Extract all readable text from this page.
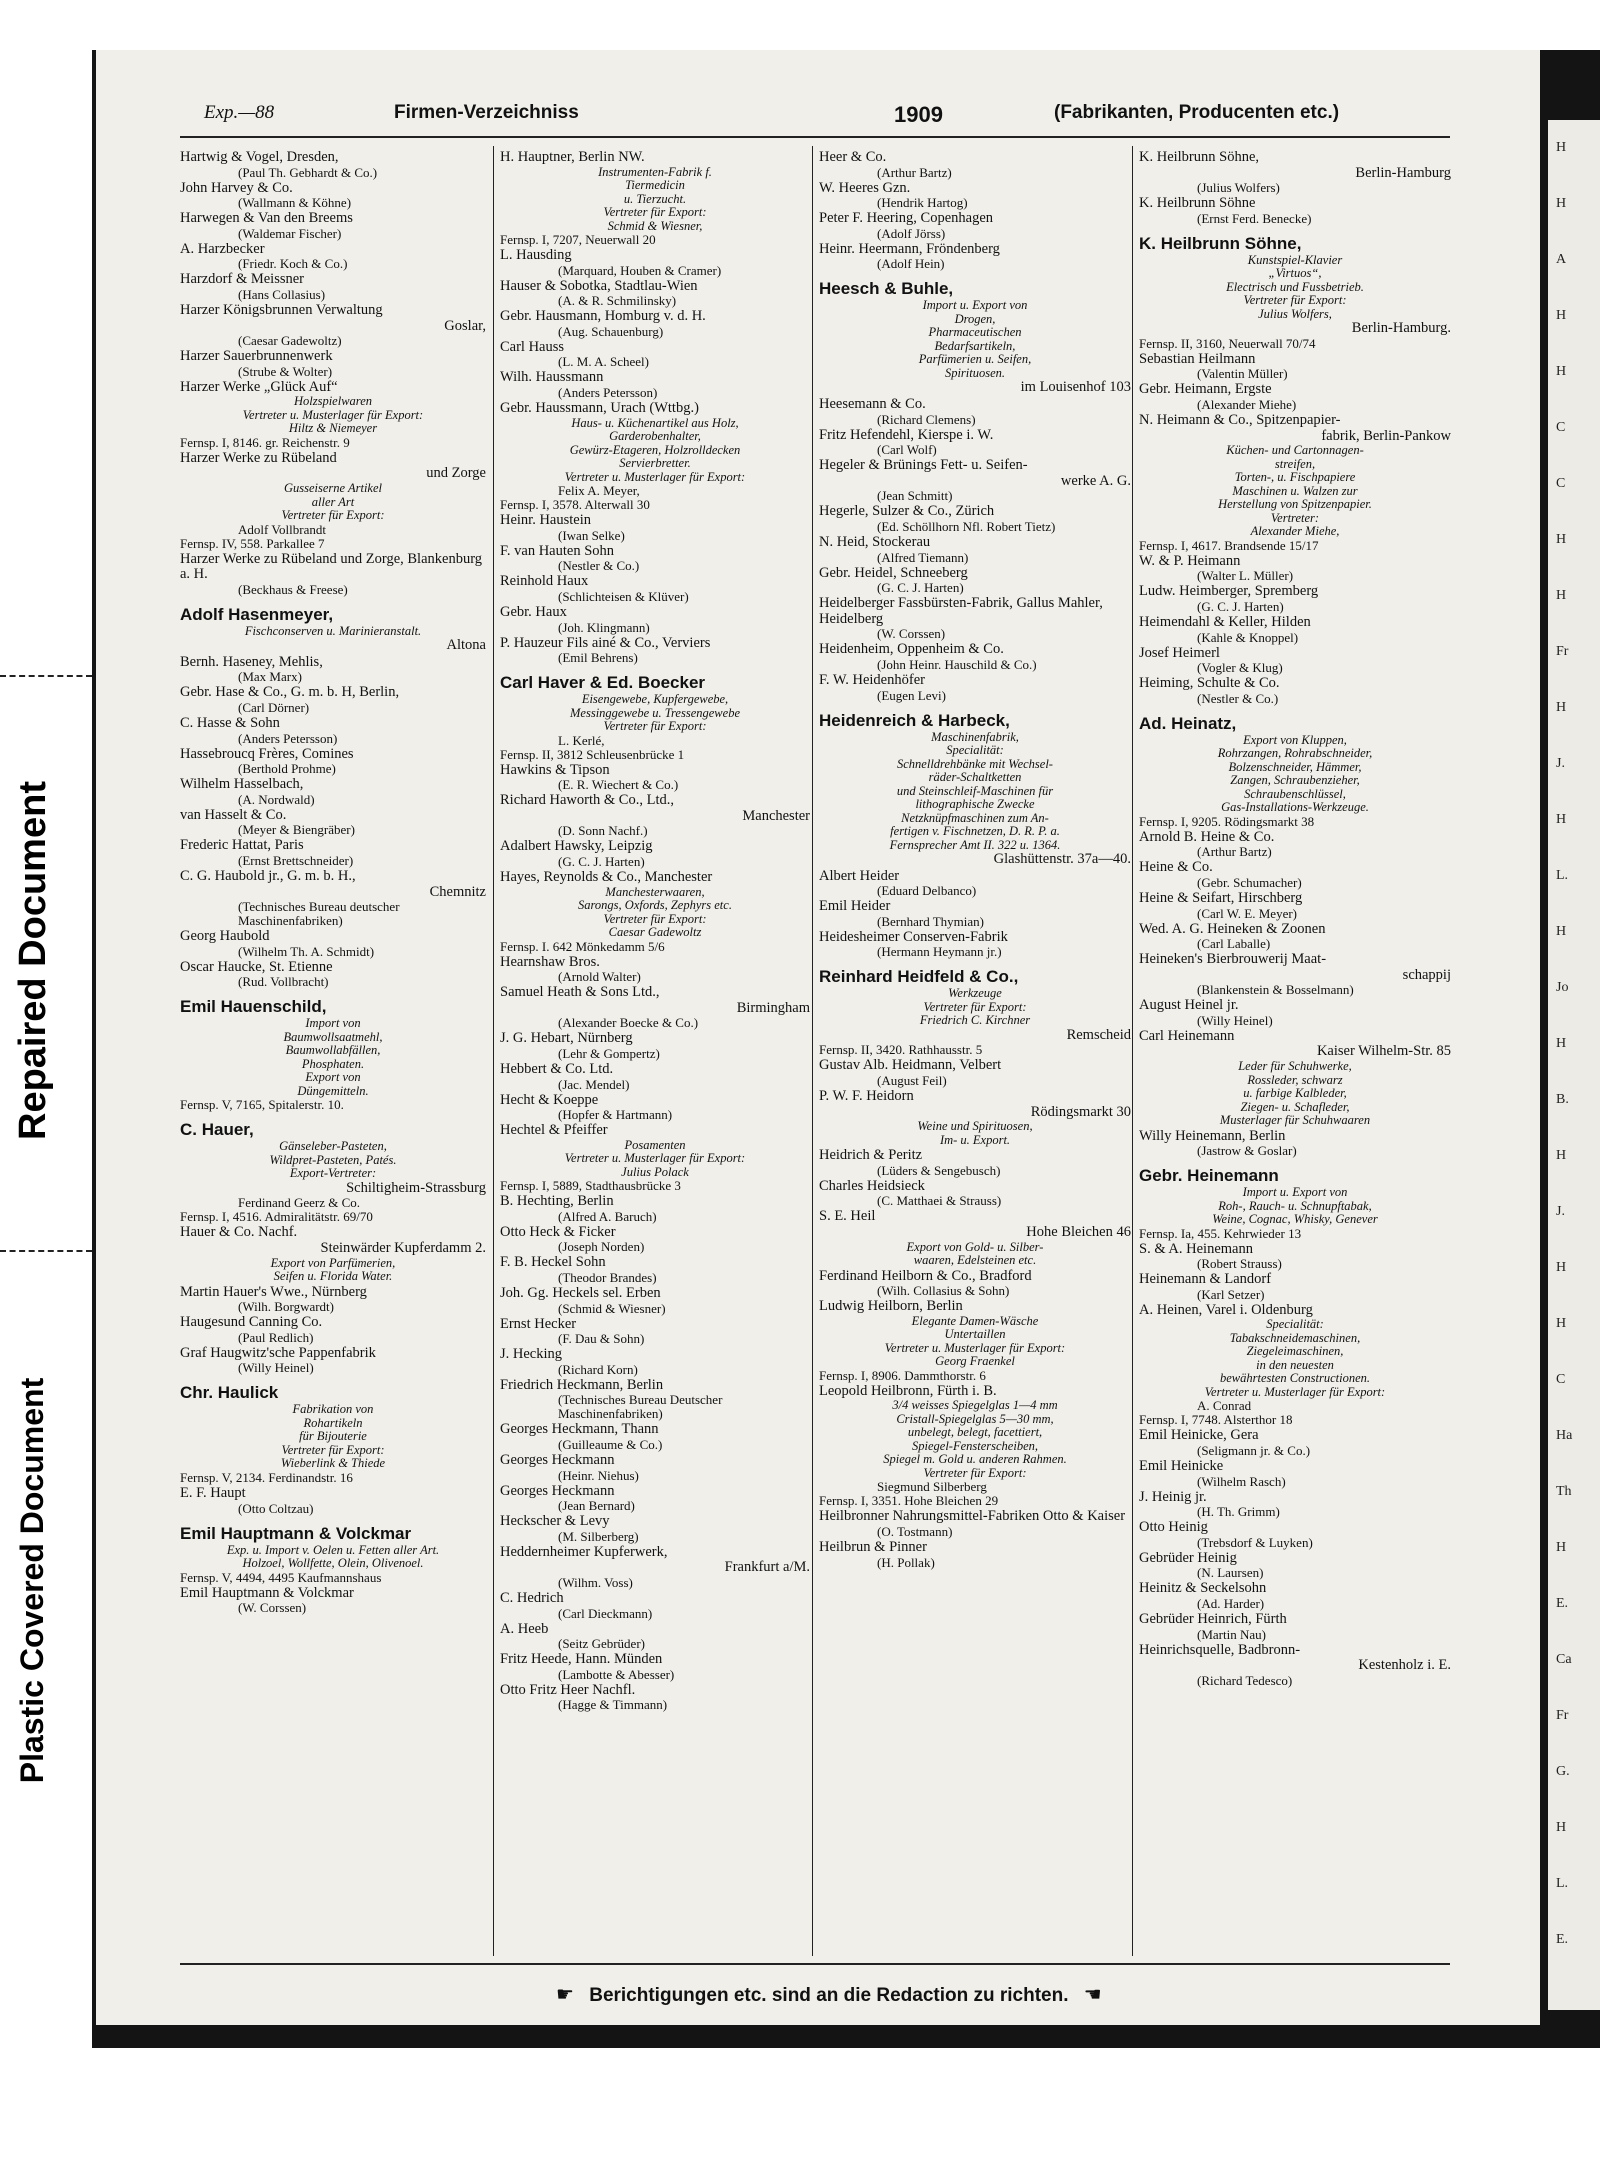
Repaired Document
Plastic Covered Document
Exp.—88	Firmen-Verzeichniss	1909	(Fabrikanten, Producenten etc.)
Hartwig & Vogel, Dresden,
(Paul Th. Gebhardt & Co.)
John Harvey & Co.
(Wallmann & Köhne)
Harwegen & Van den Breems
(Waldemar Fischer)
A. Harzbecker
(Friedr. Koch & Co.)
Harzdorf & Meissner
(Hans Collasius)
Harzer Königsbrunnen Verwaltung
Goslar,
(Caesar Gadewoltz)
Harzer Sauerbrunnenwerk
(Strube & Wolter)
Harzer Werke „Glück Auf“
Holzspielwaren
Vertreter u. Musterlager für Export:
Hiltz & Niemeyer
Fernsp. I, 8146. gr. Reichenstr. 9
Harzer Werke zu Rübeland
und Zorge
Gusseiserne Artikel
aller Art
Vertreter für Export:
Adolf Vollbrandt
Fernsp. IV, 558. Parkallee 7
Harzer Werke zu Rübeland und Zorge, Blankenburg a. H.
(Beckhaus & Freese)
Adolf Hasenmeyer,
Fischconserven u. Marinieranstalt.
Altona
Bernh. Haseney, Mehlis,
(Max Marx)
Gebr. Hase & Co., G. m. b. H, Berlin,
(Carl Dörner)
C. Hasse & Sohn
(Anders Petersson)
Hassebroucq Frères, Comines
(Berthold Prohme)
Wilhelm Hasselbach,
(A. Nordwald)
van Hasselt & Co.
(Meyer & Biengräber)
Frederic Hattat, Paris
(Ernst Brettschneider)
C. G. Haubold jr., G. m. b. H.,
Chemnitz
(Technisches Bureau deutscher Maschinenfabriken)
Georg Haubold
(Wilhelm Th. A. Schmidt)
Oscar Haucke, St. Etienne
(Rud. Vollbracht)
Emil Hauenschild,
Import von
Baumwollsaatmehl,
Baumwollabfällen,
Phosphaten.
Export von
Düngemitteln.
Fernsp. V, 7165, Spitalerstr. 10.
C. Hauer,
Gänseleber-Pasteten,
Wildpret-Pasteten, Patés.
Export-Vertreter:
Schiltigheim-Strassburg
Ferdinand Geerz & Co.
Fernsp. I, 4516. Admiralitätstr. 69/70
Hauer & Co. Nachf.
Steinwärder Kupferdamm 2.
Export von Parfümerien,
Seifen u. Florida Water.
Martin Hauer's Wwe., Nürnberg
(Wilh. Borgwardt)
Haugesund Canning Co.
(Paul Redlich)
Graf Haugwitz'sche Pappenfabrik
(Willy Heinel)
Chr. Haulick
Fabrikation von
Rohartikeln
für Bijouterie
Vertreter für Export:
Wieberlink & Thiede
Fernsp. V, 2134. Ferdinandstr. 16
E. F. Haupt
(Otto Coltzau)
Emil Hauptmann & Volckmar
Exp. u. Import v. Oelen u. Fetten aller Art.
Holzoel, Wollfette, Olein, Olivenoel.
Fernsp. V, 4494, 4495 Kaufmannshaus
Emil Hauptmann & Volckmar
(W. Corssen)
H. Hauptner, Berlin NW.
Instrumenten-Fabrik f.
Tiermedicin
u. Tierzucht.
Vertreter für Export:
Schmid & Wiesner,
Fernsp. I, 7207, Neuerwall 20
L. Hausding
(Marquard, Houben & Cramer)
Hauser & Sobotka, Stadtlau-Wien
(A. & R. Schmilinsky)
Gebr. Hausmann, Homburg v. d. H.
(Aug. Schauenburg)
Carl Hauss
(L. M. A. Scheel)
Wilh. Haussmann
(Anders Petersson)
Gebr. Haussmann, Urach (Wttbg.)
Haus- u. Küchenartikel aus Holz,
Garderobenhalter,
Gewürz-Etageren, Holzrolldecken
Servierbretter.
Vertreter u. Musterlager für Export:
Felix A. Meyer,
Fernsp. I, 3578. Alterwall 30
Heinr. Haustein
(Iwan Selke)
F. van Hauten Sohn
(Nestler & Co.)
Reinhold Haux
(Schlichteisen & Klüver)
Gebr. Haux
(Joh. Klingmann)
P. Hauzeur Fils ainé & Co., Verviers
(Emil Behrens)
Carl Haver & Ed. Boecker
Eisengewebe, Kupfergewebe,
Messinggewebe u. Tressengewebe
Vertreter für Export:
L. Kerlé,
Fernsp. II, 3812 Schleusenbrücke 1
Hawkins & Tipson
(E. R. Wiechert & Co.)
Richard Haworth & Co., Ltd.,
Manchester
(D. Sonn Nachf.)
Adalbert Hawsky, Leipzig
(G. C. J. Harten)
Hayes, Reynolds & Co., Manchester
Manchesterwaaren,
Sarongs, Oxfords, Zephyrs etc.
Vertreter für Export:
Caesar Gadewoltz
Fernsp. I. 642 Mönkedamm 5/6
Hearnshaw Bros.
(Arnold Walter)
Samuel Heath & Sons Ltd.,
Birmingham
(Alexander Boecke & Co.)
J. G. Hebart, Nürnberg
(Lehr & Gompertz)
Hebbert & Co. Ltd.
(Jac. Mendel)
Hecht & Koeppe
(Hopfer & Hartmann)
Hechtel & Pfeiffer
Posamenten
Vertreter u. Musterlager für Export:
Julius Polack
Fernsp. I, 5889, Stadthausbrücke 3
B. Hechting, Berlin
(Alfred A. Baruch)
Otto Heck & Ficker
(Joseph Norden)
F. B. Heckel Sohn
(Theodor Brandes)
Joh. Gg. Heckels sel. Erben
(Schmid & Wiesner)
Ernst Hecker
(F. Dau & Sohn)
J. Hecking
(Richard Korn)
Friedrich Heckmann, Berlin
(Technisches Bureau Deutscher Maschinenfabriken)
Georges Heckmann, Thann
(Guilleaume & Co.)
Georges Heckmann
(Heinr. Niehus)
Georges Heckmann
(Jean Bernard)
Heckscher & Levy
(M. Silberberg)
Heddernheimer Kupferwerk,
Frankfurt a/M.
(Wilhm. Voss)
C. Hedrich
(Carl Dieckmann)
A. Heeb
(Seitz Gebrüder)
Fritz Heede, Hann. Münden
(Lambotte & Abesser)
Otto Fritz Heer Nachfl.
(Hagge & Timmann)
Heer & Co.
(Arthur Bartz)
W. Heeres Gzn.
(Hendrik Hartog)
Peter F. Heering, Copenhagen
(Adolf Jörss)
Heinr. Heermann, Fröndenberg
(Adolf Hein)
Heesch & Buhle,
Import u. Export von
Drogen,
Pharmaceutischen
Bedarfsartikeln,
Parfümerien u. Seifen,
Spirituosen.
im Louisenhof 103
Heesemann & Co.
(Richard Clemens)
Fritz Hefendehl, Kierspe i. W.
(Carl Wolf)
Hegeler & Brünings Fett- u. Seifen-
werke A. G.
(Jean Schmitt)
Hegerle, Sulzer & Co., Zürich
(Ed. Schöllhorn Nfl. Robert Tietz)
N. Heid, Stockerau
(Alfred Tiemann)
Gebr. Heidel, Schneeberg
(G. C. J. Harten)
Heidelberger Fassbürsten-Fabrik, Gallus Mahler, Heidelberg
(W. Corssen)
Heidenheim, Oppenheim & Co.
(John Heinr. Hauschild & Co.)
F. W. Heidenhöfer
(Eugen Levi)
Heidenreich & Harbeck,
Maschinenfabrik,
Specialität:
Schnelldrehbänke mit Wechsel-
räder-Schaltketten
und Steinschleif-Maschinen für
lithographische Zwecke
Netzknüpfmaschinen zum An-
fertigen v. Fischnetzen, D. R. P. a.
Fernsprecher Amt II. 322 u. 1364.
Glashüttenstr. 37a—40.
Albert Heider
(Eduard Delbanco)
Emil Heider
(Bernhard Thymian)
Heidesheimer Conserven-Fabrik
(Hermann Heymann jr.)
Reinhard Heidfeld & Co.,
Werkzeuge
Vertreter für Export:
Friedrich C. Kirchner
Remscheid
Fernsp. II, 3420. Rathhausstr. 5
Gustav Alb. Heidmann, Velbert
(August Feil)
P. W. F. Heidorn
Rödingsmarkt 30
Weine und Spirituosen,
Im- u. Export.
Heidrich & Peritz
(Lüders & Sengebusch)
Charles Heidsieck
(C. Matthaei & Strauss)
S. E. Heil
Hohe Bleichen 46
Export von Gold- u. Silber-
waaren, Edelsteinen etc.
Ferdinand Heilborn & Co., Bradford
(Wilh. Collasius & Sohn)
Ludwig Heilborn, Berlin
Elegante Damen-Wäsche
Untertaillen
Vertreter u. Musterlager für Export:
Georg Fraenkel
Fernsp. I, 8906. Dammthorstr. 6
Leopold Heilbronn, Fürth i. B.
3/4 weisses Spiegelglas 1—4 mm
Cristall-Spiegelglas 5—30 mm,
unbelegt, belegt, facettiert,
Spiegel-Fensterscheiben,
Spiegel m. Gold u. anderen Rahmen.
Vertreter für Export:
Siegmund Silberberg
Fernsp. I, 3351. Hohe Bleichen 29
Heilbronner Nahrungsmittel-Fabriken Otto & Kaiser
(O. Tostmann)
Heilbrun & Pinner
(H. Pollak)
K. Heilbrunn Söhne,
Berlin-Hamburg
(Julius Wolfers)
K. Heilbrunn Söhne
(Ernst Ferd. Benecke)
K. Heilbrunn Söhne,
Kunstspiel-Klavier
„Virtuos“,
Electrisch und Fussbetrieb.
Vertreter für Export:
Julius Wolfers,
Berlin-Hamburg.
Fernsp. II, 3160, Neuerwall 70/74
Sebastian Heilmann
(Valentin Müller)
Gebr. Heimann, Ergste
(Alexander Miehe)
N. Heimann & Co., Spitzenpapier-
fabrik, Berlin-Pankow
Küchen- und Cartonnagen-
streifen,
Torten-, u. Fischpapiere
Maschinen u. Walzen zur
Herstellung von Spitzenpapier.
Vertreter:
Alexander Miehe,
Fernsp. I, 4617. Brandsende 15/17
W. & P. Heimann
(Walter L. Müller)
Ludw. Heimberger, Spremberg
(G. C. J. Harten)
Heimendahl & Keller, Hilden
(Kahle & Knoppel)
Josef Heimerl
(Vogler & Klug)
Heiming, Schulte & Co.
(Nestler & Co.)
Ad. Heinatz,
Export von Kluppen,
Rohrzangen, Rohrabschneider,
Bolzenschneider, Hämmer,
Zangen, Schraubenzieher,
Schraubenschlüssel,
Gas-Installations-Werkzeuge.
Fernsp. I, 9205. Rödingsmarkt 38
Arnold B. Heine & Co.
(Arthur Bartz)
Heine & Co.
(Gebr. Schumacher)
Heine & Seifart, Hirschberg
(Carl W. E. Meyer)
Wed. A. G. Heineken & Zoonen
(Carl Laballe)
Heineken's Bierbrouwerij Maat-
schappij
(Blankenstein & Bosselmann)
August Heinel jr.
(Willy Heinel)
Carl Heinemann
Kaiser Wilhelm-Str. 85
Leder für Schuhwerke,
Rossleder, schwarz
u. farbige Kalbleder,
Ziegen- u. Schafleder,
Musterlager für Schuhwaaren
Willy Heinemann, Berlin
(Jastrow & Goslar)
Gebr. Heinemann
Import u. Export von
Roh-, Rauch- u. Schnupftabak,
Weine, Cognac, Whisky, Genever
Fernsp. Ia, 455. Kehrwieder 13
S. & A. Heinemann
(Robert Strauss)
Heinemann & Landorf
(Karl Setzer)
A. Heinen, Varel i. Oldenburg
Specialität:
Tabakschneidemaschinen,
Ziegeleimaschinen,
in den neuesten
bewährtesten Constructionen.
Vertreter u. Musterlager für Export:
A. Conrad
Fernsp. I, 7748. Alsterthor 18
Emil Heinicke, Gera
(Seligmann jr. & Co.)
Emil Heinicke
(Wilhelm Rasch)
J. Heinig jr.
(H. Th. Grimm)
Otto Heinig
(Trebsdorf & Luyken)
Gebrüder Heinig
(N. Laursen)
Heinitz & Seckelsohn
(Ad. Harder)
Gebrüder Heinrich, Fürth
(Martin Nau)
Heinrichsquelle, Badbronn-
Kestenholz i. E.
(Richard Tedesco)
☛ Berichtigungen etc. sind an die Redaction zu richten. ☚
H
H
A
H
H
C
C
H
H
Fr
H
J.
H
L.
H
Jo
H
B.
H
J.
H
H
C
Ha
Th
H
E.
Ca
Fr
G.
H
L.
E.
